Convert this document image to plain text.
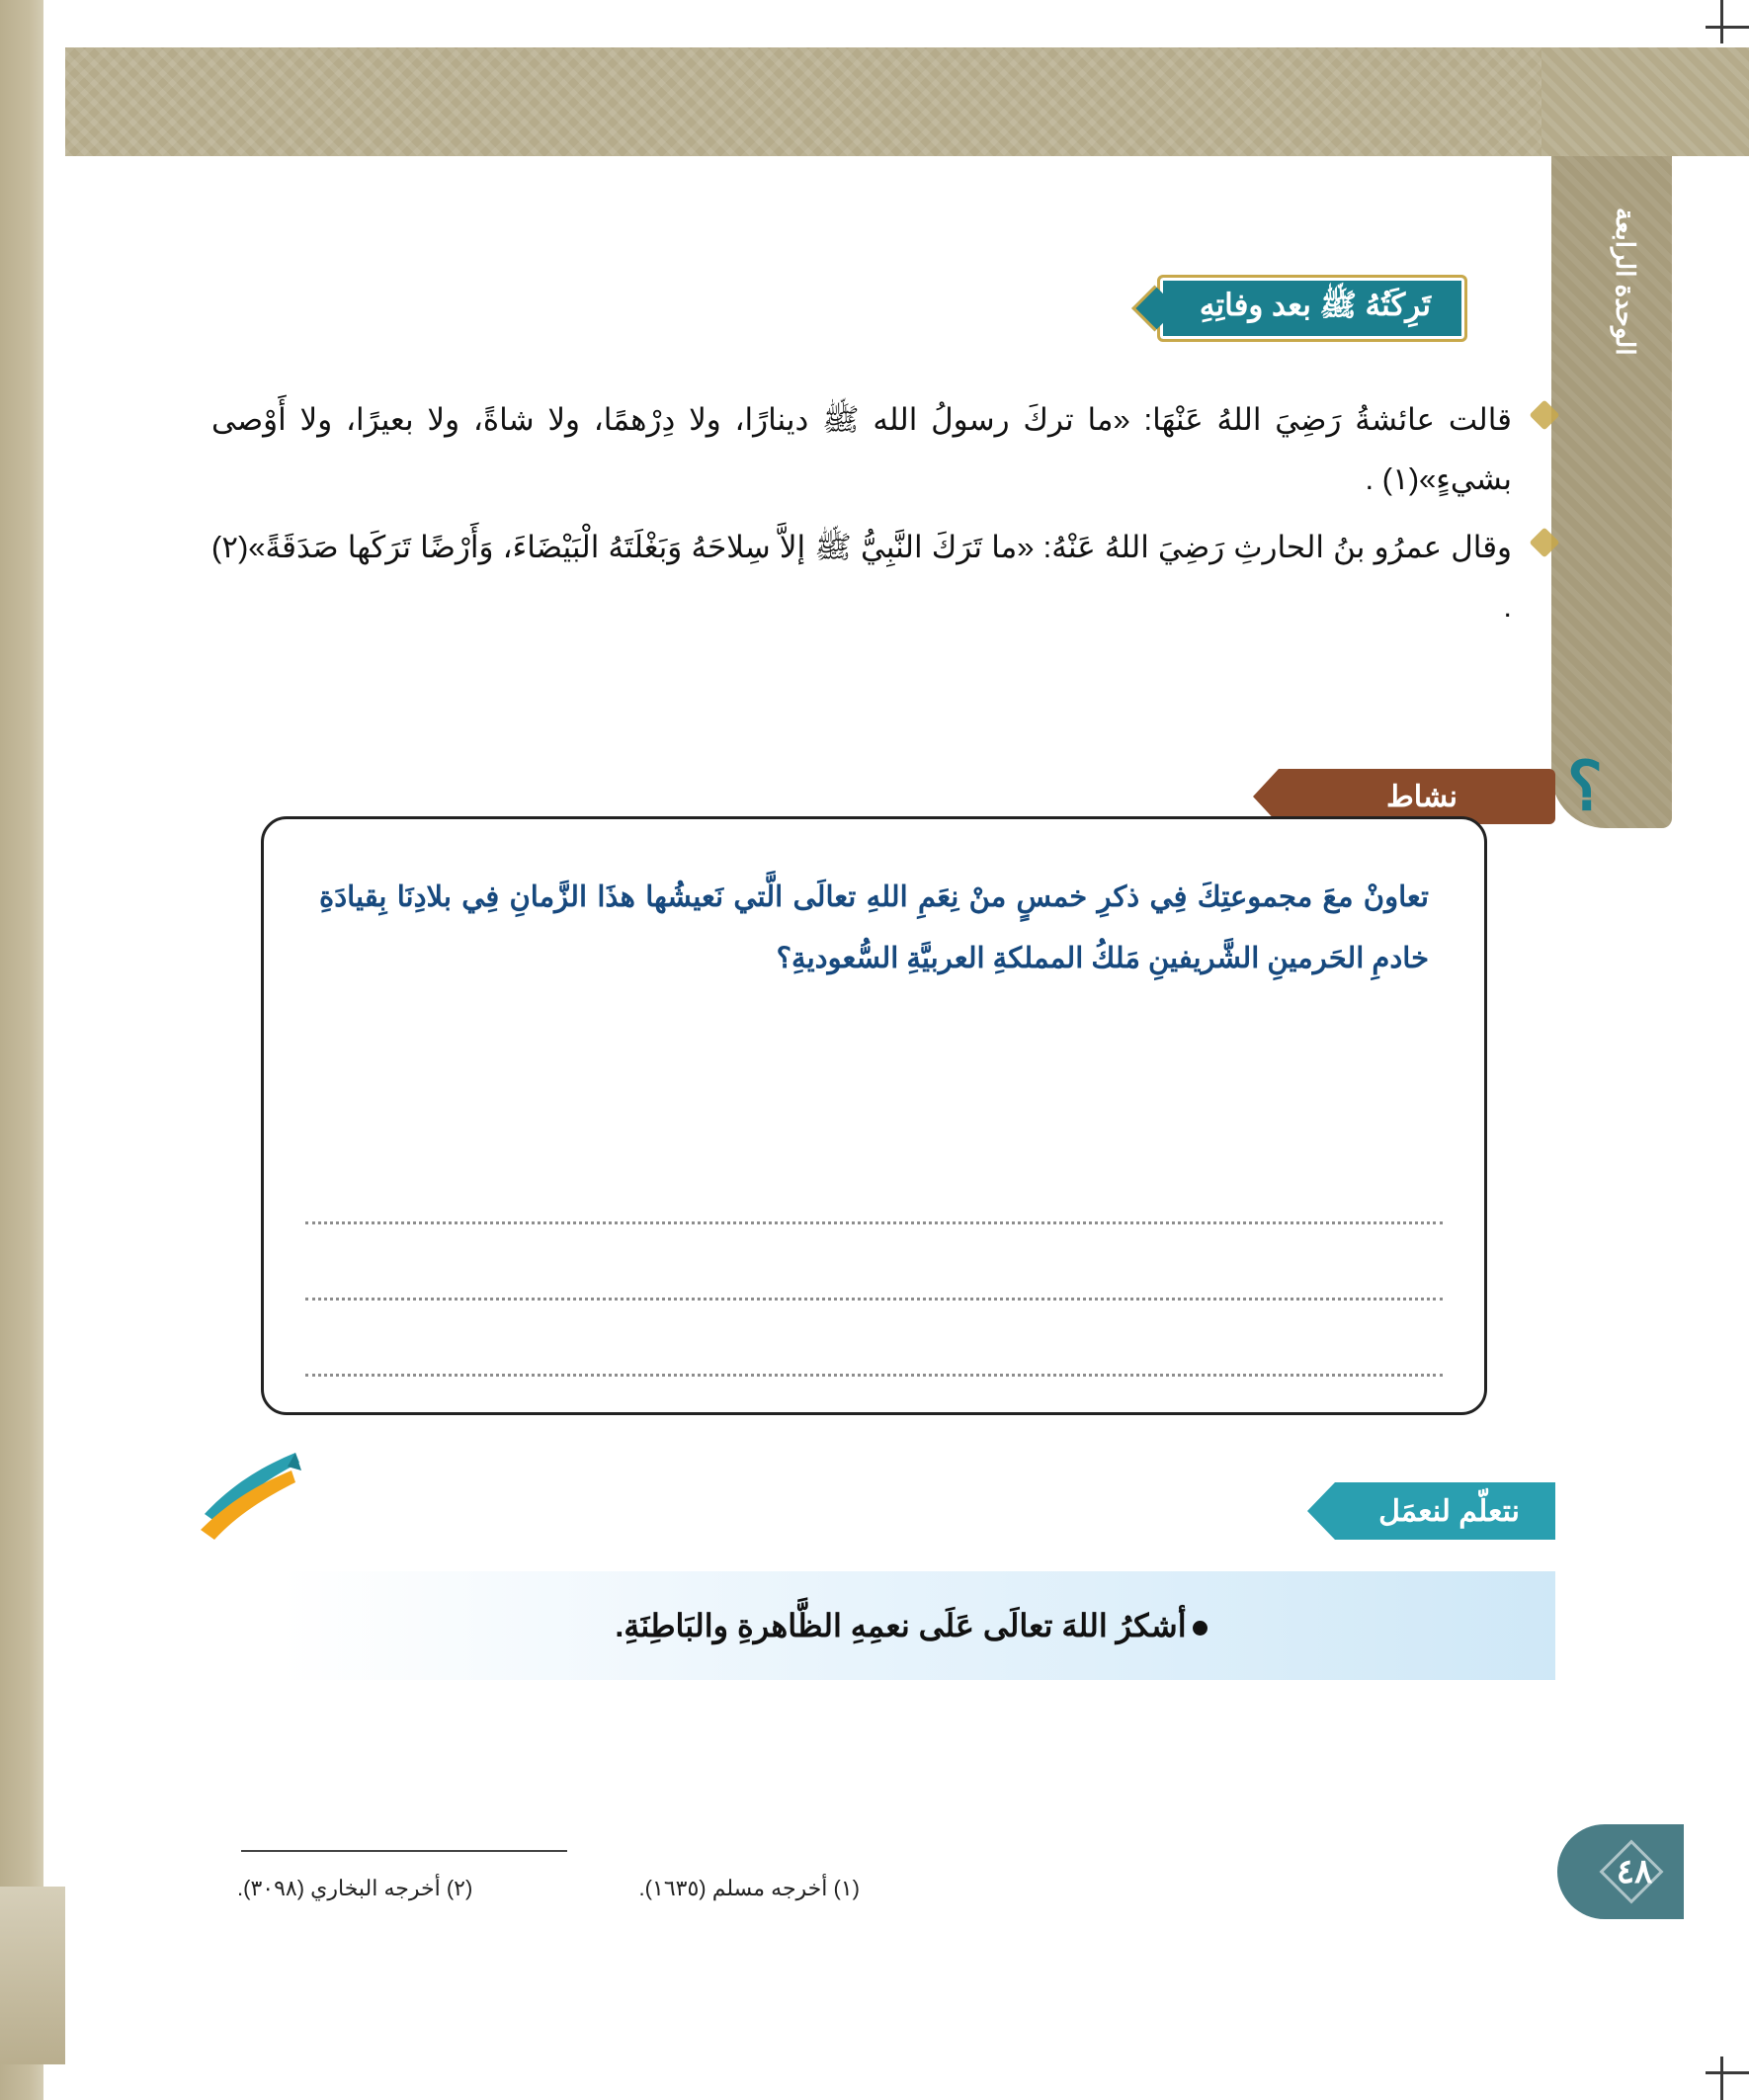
الوحدة الرابعة
تَرِكَتُهُ ﷺ بعد وفاتِهِ

قالت عائشةُ رَضِيَ اللهُ عَنْهَا: «ما تركَ رسولُ الله ﷺ دينارًا، ولا دِرْهمًا، ولا شاةً، ولا بعيرًا، ولا أَوْصى بشيءٍ»(١) .

وقال عمرُو بنُ الحارثِ رَضِيَ اللهُ عَنْهُ: «ما تَرَكَ النَّبِيُّ ﷺ إلاَّ سِلاحَهُ وَبَغْلَتَهُ الْبَيْضَاءَ، وَأَرْضًا تَرَكَها صَدَقَةً»(٢) .

؟
نشاط
تعاونْ معَ مجموعتِكَ فِي ذكرِ خمسٍ منْ نِعَمِ اللهِ تعالَى الَّتي نَعيشُها هذَا الزَّمانِ فِي بلادِنَا بِقيادَةِ خادمِ الحَرمينِ الشَّريفينِ مَلكُ المملكةِ العربيَّةِ السُّعوديةِ؟
نتعلّم لنعمَل
أشكرُ اللهَ تعالَى عَلَى نعمِهِ الظَّاهرةِ والبَاطِنَةِ.
(١) أخرجه مسلم (١٦٣٥).
(٢) أخرجه البخاري (٣٠٩٨).	٤٨
